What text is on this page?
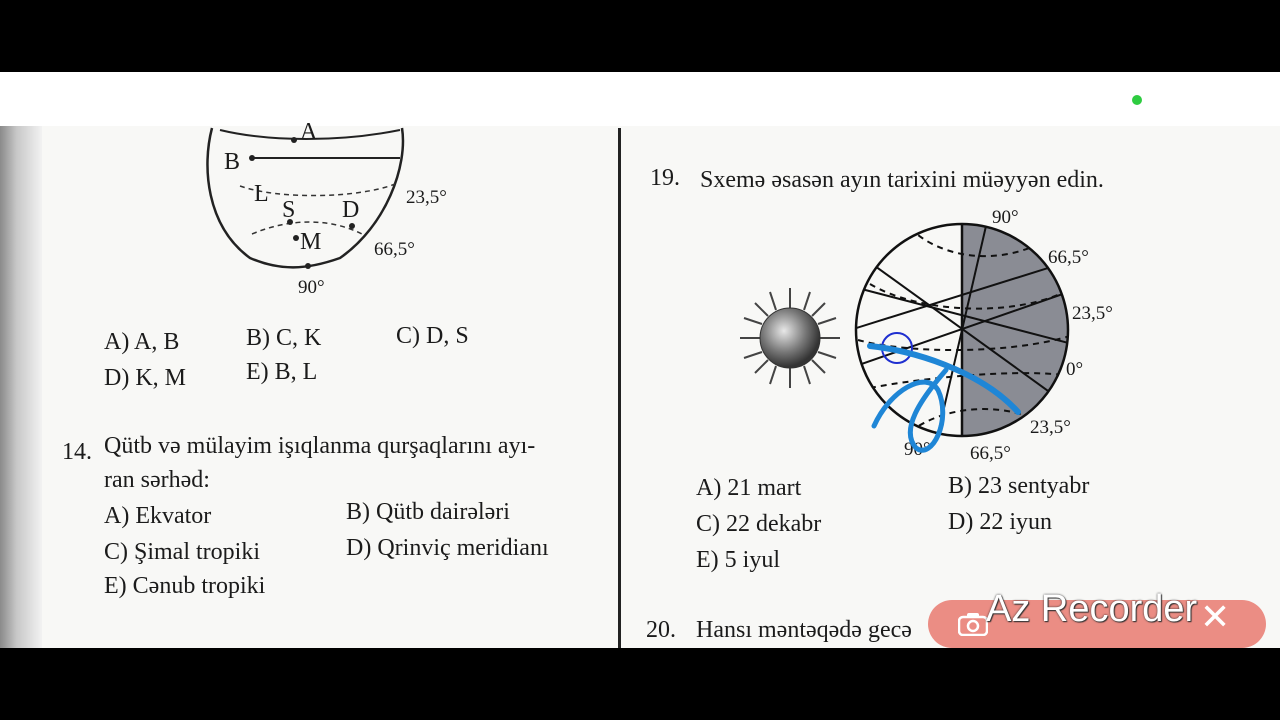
A
B
L
S D
M
23,5°
66,5°
90°
A) A, B	B) C, K	C) D, S
D) K, M	E) B, L
14. Qütb və mülayim işıqlanma qurşaqlarını ayı-
ran sərhəd:
A) Ekvator	B) Qütb dairələri
C) Şimal tropiki	D) Qrinviç meridianı
E) Cənub tropiki
19. Sxemə əsasən ayın tarixini müəyyən edin.
90°
66,5°
23,5°
0°
23,5°
66,5°
90°
A) 21 mart	B) 23 sentyabr
C) 22 dekabr	D) 22 iyun
E) 5 iyul
20. Hansı məntəqədə gecə Az Recorder ✕
